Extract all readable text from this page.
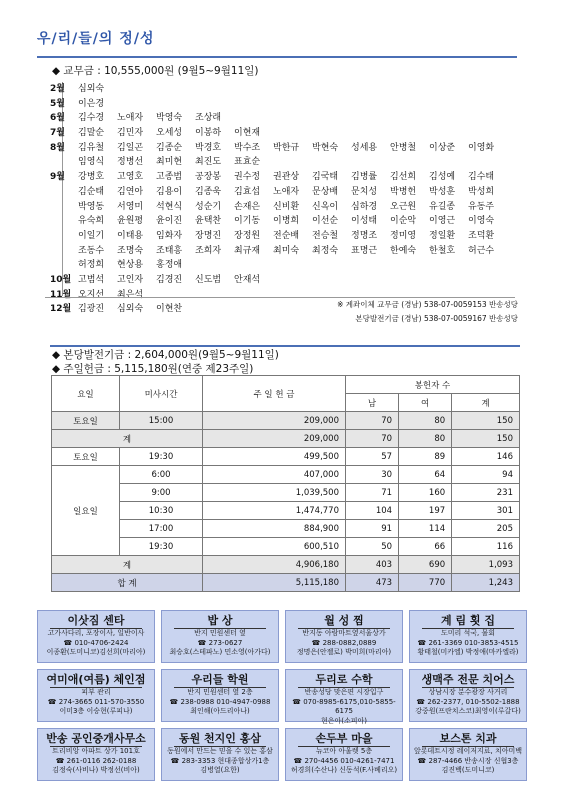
우/리/들/의 정/성
◆ 교무금 : 10,555,000원 (9월5~9월11일)
2월	심외숙
5월	이은경
6월	김수경	노애자	박영숙	조상래
7월	김말순	김민자	오세성	이봉하	이현재
8월	김유철	김일곤	김종순	박경호	박수조	박한규	박현숙	성세용	안병철	이상준	이영화
임영식	정병선	최미현	최진도	표효순
9월	강병호	고영호	고종범	공장봉	권수정	권관상	김국태	김병률	김선희	김성예	김수태
김순태	김연아	김용이	김종욱	김효섭	노애자	문상배	문치성	박병헌	박성훈	박성희
박영동	서영미	석현식	성순기	손재은	신비환	신옥이	심하경	오근원	유길종	유동주
유숙희	윤원평	윤이진	윤택찬	이기동	이병희	이선순	이성태	이순악	이영근	이영숙
이일기	이태용	임화자	장명진	장정원	전순배	전승철	정명조	정미영	정일환	조덕환
조동수	조명숙	조태흥	조희자	최규재	최미숙	최정숙	표명근	한예숙	한철호	허근수
허정희	현상용	홍정애
10월 고범석	고인자	김경진	신도범	안재석
11월 오지선	최은석
12월 김광진	심외숙	이현찬	※ 계좌이체 교무금 (경남) 538-07-0059153 반송성당
본당발전기금 (경남) 538-07-0059167 반송성당
◆ 본당발전기금 : 2,604,000원(9월5~9월11일)
◆ 주일헌금 : 5,115,180원(연중 제23주일)
요일	미사시간	주 일 헌 금	봉헌자 수		
			남	여	계
토요일	15:00	209,000	70	80	150
계		209,000	70	80	150
토요일	19:30	499,500	57	89	146
일요일	6:00	407,000	30	64	94
	9:00	1,039,500	71	160	231
	10:30	1,474,770	104	197	301
	17:00	884,900	91	114	205
	19:30	600,510	50	66	116
계		4,906,180	403	690	1,093
합 계		5,115,180	473	770	1,243
이삿짐 센타
고가사다리, 포장이사, 일반이사
☎ 010-4706-2424
이종환(도미니코)김선희(마리아)
밥 상
반지 민원센터 옆
☎ 273-0627
최승호(스테파노) 민소영(아가다)
월 성 찜
반지동 아람마트옆서울상가
☎ 288-0882,0889
정명은(안젤로) 박미희(마리아)
계 림 횟 집
도미리 석국, 물회
☎ 261-3369 010-3853-4515
황태철(미카엘) 박정애(마카엘라)
여미애(여름) 체인점
피부 관리
☎ 274-3665 011-570-3550
이미3층 이승현(루피나)
우리들 학원
반지 민원센터 옆 2층
☎ 238-0988 010-4947-0988
최인해(아드리아나)
두리로 수학
반송성당 맞은편 시장입구
☎ 070-8985-6175,010-5855-6175
현은아(소피아)
생맥주 전문 치어스
상남시장 분수광장 사거리
☎ 262-2377, 010-5502-1888
강중원(프란치스코)최영이(루갈다)
반송 공인중개사무소
트리비앙 아파트 상가 101호
☎ 261-0116 262-0188
김정숙(사비나) 박정선(비아)
동원 천지인 홍삼
동원에서 만드는 믿을 수 있는 홍삼
☎ 283-3353 현대종합상가1층
김병열(요한)
손두부 마을
뉴코아 아울렛 5층
☎ 270-4456 010-4261-7471
허경희(수산나) 신동석(F.사베리오)
보스톤 치과
앞롯데트시정 레이저지료, 치아미백
☎ 287-4466 반송시장 신협3층
김진백(도미니코)
